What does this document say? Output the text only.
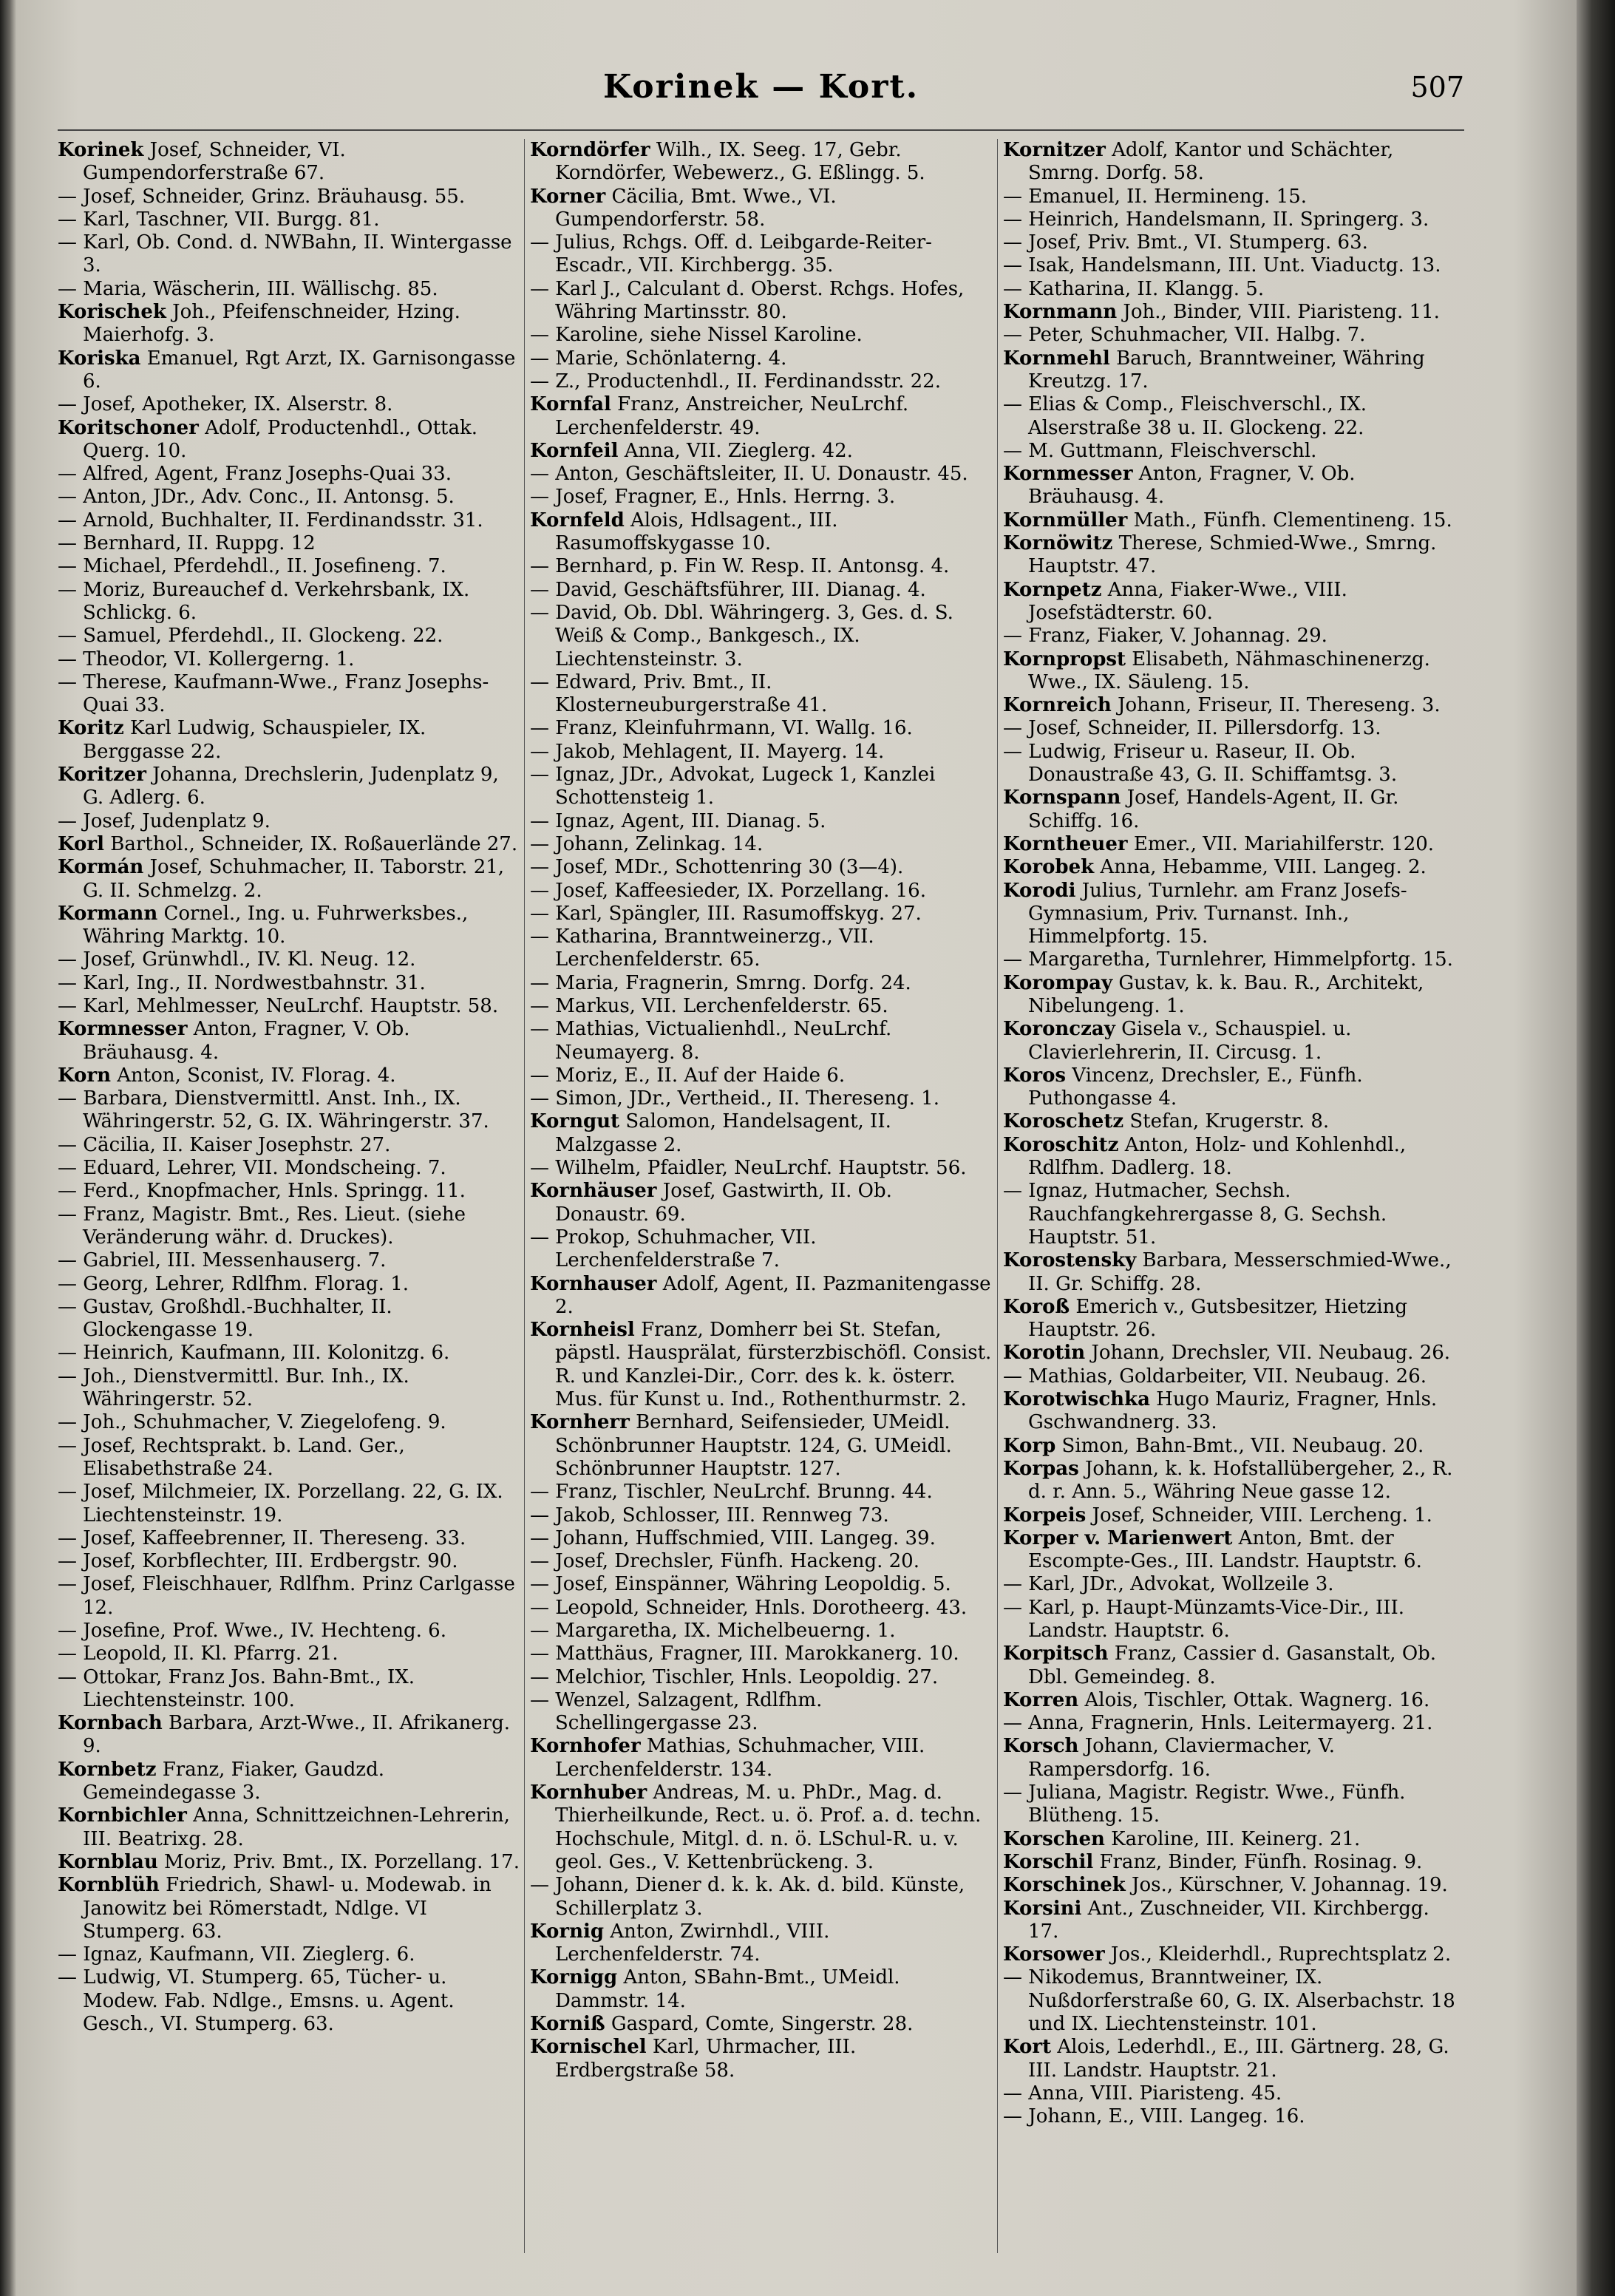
Korinek — Kort.	507
Korinek Josef, Schneider, VI. Gumpendorferstraße 67.
— Josef, Schneider, Grinz. Bräuhausg. 55.
— Karl, Taschner, VII. Burgg. 81.
— Karl, Ob. Cond. d. NWBahn, II. Wintergasse 3.
— Maria, Wäscherin, III. Wällischg. 85.
Korischek Joh., Pfeifenschneider, Hzing. Maierhofg. 3.
Koriska Emanuel, Rgt Arzt, IX. Garnisongasse 6.
— Josef, Apotheker, IX. Alserstr. 8.
Koritschoner Adolf, Productenhdl., Ottak. Querg. 10.
— Alfred, Agent, Franz Josephs-Quai 33.
— Anton, JDr., Adv. Conc., II. Antonsg. 5.
— Arnold, Buchhalter, II. Ferdinandsstr. 31.
— Bernhard, II. Ruppg. 12
— Michael, Pferdehdl., II. Josefineng. 7.
— Moriz, Bureauchef d. Verkehrsbank, IX. Schlickg. 6.
— Samuel, Pferdehdl., II. Glockeng. 22.
— Theodor, VI. Kollergerng. 1.
— Therese, Kaufmann-Wwe., Franz Josephs-Quai 33.
Koritz Karl Ludwig, Schauspieler, IX. Berggasse 22.
Koritzer Johanna, Drechslerin, Judenplatz 9, G. Adlerg. 6.
— Josef, Judenplatz 9.
Korl Barthol., Schneider, IX. Roßauerlände 27.
Kormán Josef, Schuhmacher, II. Taborstr. 21, G. II. Schmelzg. 2.
Kormann Cornel., Ing. u. Fuhrwerksbes., Währing Marktg. 10.
— Josef, Grünwhdl., IV. Kl. Neug. 12.
— Karl, Ing., II. Nordwestbahnstr. 31.
— Karl, Mehlmesser, NeuLrchf. Hauptstr. 58.
Kormnesser Anton, Fragner, V. Ob. Bräuhausg. 4.
Korn Anton, Sconist, IV. Florag. 4.
— Barbara, Dienstvermittl. Anst. Inh., IX. Währingerstr. 52, G. IX. Währingerstr. 37.
— Cäcilia, II. Kaiser Josephstr. 27.
— Eduard, Lehrer, VII. Mondscheing. 7.
— Ferd., Knopfmacher, Hnls. Springg. 11.
— Franz, Magistr. Bmt., Res. Lieut. (siehe Veränderung währ. d. Druckes).
— Gabriel, III. Messenhauserg. 7.
— Georg, Lehrer, Rdlfhm. Florag. 1.
— Gustav, Großhdl.-Buchhalter, II. Glockengasse 19.
— Heinrich, Kaufmann, III. Kolonitzg. 6.
— Joh., Dienstvermittl. Bur. Inh., IX. Währingerstr. 52.
— Joh., Schuhmacher, V. Ziegelofeng. 9.
— Josef, Rechtsprakt. b. Land. Ger., Elisabethstraße 24.
— Josef, Milchmeier, IX. Porzellang. 22, G. IX. Liechtensteinstr. 19.
— Josef, Kaffeebrenner, II. Thereseng. 33.
— Josef, Korbflechter, III. Erdbergstr. 90.
— Josef, Fleischhauer, Rdlfhm. Prinz Carlgasse 12.
— Josefine, Prof. Wwe., IV. Hechteng. 6.
— Leopold, II. Kl. Pfarrg. 21.
— Ottokar, Franz Jos. Bahn-Bmt., IX. Liechtensteinstr. 100.
Kornbach Barbara, Arzt-Wwe., II. Afrikanerg. 9.
Kornbetz Franz, Fiaker, Gaudzd. Gemeindegasse 3.
Kornbichler Anna, Schnittzeichnen-Lehrerin, III. Beatrixg. 28.
Kornblau Moriz, Priv. Bmt., IX. Porzellang. 17.
Kornblüh Friedrich, Shawl- u. Modewab. in Janowitz bei Römerstadt, Ndlge. VI Stumperg. 63.
— Ignaz, Kaufmann, VII. Zieglerg. 6.
— Ludwig, VI. Stumperg. 65, Tücher- u. Modew. Fab. Ndlge., Emsns. u. Agent. Gesch., VI. Stumperg. 63.
Korndörfer Wilh., IX. Seeg. 17, Gebr. Korndörfer, Webewerz., G. Eßlingg. 5.
Korner Cäcilia, Bmt. Wwe., VI. Gumpendorferstr. 58.
— Julius, Rchgs. Off. d. Leibgarde-Reiter-Escadr., VII. Kirchbergg. 35.
— Karl J., Calculant d. Oberst. Rchgs. Hofes, Währing Martinsstr. 80.
— Karoline, siehe Nissel Karoline.
— Marie, Schönlaterng. 4.
— Z., Productenhdl., II. Ferdinandsstr. 22.
Kornfal Franz, Anstreicher, NeuLrchf. Lerchenfelderstr. 49.
Kornfeil Anna, VII. Zieglerg. 42.
— Anton, Geschäftsleiter, II. U. Donaustr. 45.
— Josef, Fragner, E., Hnls. Herrng. 3.
Kornfeld Alois, Hdlsagent., III. Rasumoffskygasse 10.
— Bernhard, p. Fin W. Resp. II. Antonsg. 4.
— David, Geschäftsführer, III. Dianag. 4.
— David, Ob. Dbl. Währingerg. 3, Ges. d. S. Weiß & Comp., Bankgesch., IX. Liechtensteinstr. 3.
— Edward, Priv. Bmt., II. Klosterneuburgerstraße 41.
— Franz, Kleinfuhrmann, VI. Wallg. 16.
— Jakob, Mehlagent, II. Mayerg. 14.
— Ignaz, JDr., Advokat, Lugeck 1, Kanzlei Schottensteig 1.
— Ignaz, Agent, III. Dianag. 5.
— Johann, Zelinkag. 14.
— Josef, MDr., Schottenring 30 (3—4).
— Josef, Kaffeesieder, IX. Porzellang. 16.
— Karl, Spängler, III. Rasumoffskyg. 27.
— Katharina, Branntweinerzg., VII. Lerchenfelderstr. 65.
— Maria, Fragnerin, Smrng. Dorfg. 24.
— Markus, VII. Lerchenfelderstr. 65.
— Mathias, Victualienhdl., NeuLrchf. Neumayerg. 8.
— Moriz, E., II. Auf der Haide 6.
— Simon, JDr., Vertheid., II. Thereseng. 1.
Korngut Salomon, Handelsagent, II. Malzgasse 2.
— Wilhelm, Pfaidler, NeuLrchf. Hauptstr. 56.
Kornhäuser Josef, Gastwirth, II. Ob. Donaustr. 69.
— Prokop, Schuhmacher, VII. Lerchenfelderstraße 7.
Kornhauser Adolf, Agent, II. Pazmanitengasse 2.
Kornheisl Franz, Domherr bei St. Stefan, päpstl. Hausprälat, fürsterzbischöfl. Consist. R. und Kanzlei-Dir., Corr. des k. k. österr. Mus. für Kunst u. Ind., Rothenthurmstr. 2.
Kornherr Bernhard, Seifensieder, UMeidl. Schönbrunner Hauptstr. 124, G. UMeidl. Schönbrunner Hauptstr. 127.
— Franz, Tischler, NeuLrchf. Brunng. 44.
— Jakob, Schlosser, III. Rennweg 73.
— Johann, Huffschmied, VIII. Langeg. 39.
— Josef, Drechsler, Fünfh. Hackeng. 20.
— Josef, Einspänner, Währing Leopoldig. 5.
— Leopold, Schneider, Hnls. Dorotheerg. 43.
— Margaretha, IX. Michelbeuerng. 1.
— Matthäus, Fragner, III. Marokkanerg. 10.
— Melchior, Tischler, Hnls. Leopoldig. 27.
— Wenzel, Salzagent, Rdlfhm. Schellingergasse 23.
Kornhofer Mathias, Schuhmacher, VIII. Lerchenfelderstr. 134.
Kornhuber Andreas, M. u. PhDr., Mag. d. Thierheilkunde, Rect. u. ö. Prof. a. d. techn. Hochschule, Mitgl. d. n. ö. LSchul-R. u. v. geol. Ges., V. Kettenbrückeng. 3.
— Johann, Diener d. k. k. Ak. d. bild. Künste, Schillerplatz 3.
Kornig Anton, Zwirnhdl., VIII. Lerchenfelderstr. 74.
Kornigg Anton, SBahn-Bmt., UMeidl. Dammstr. 14.
Korniß Gaspard, Comte, Singerstr. 28.
Kornischel Karl, Uhrmacher, III. Erdbergstraße 58.
Kornitzer Adolf, Kantor und Schächter, Smrng. Dorfg. 58.
— Emanuel, II. Hermineng. 15.
— Heinrich, Handelsmann, II. Springerg. 3.
— Josef, Priv. Bmt., VI. Stumperg. 63.
— Isak, Handelsmann, III. Unt. Viaductg. 13.
— Katharina, II. Klangg. 5.
Kornmann Joh., Binder, VIII. Piaristeng. 11.
— Peter, Schuhmacher, VII. Halbg. 7.
Kornmehl Baruch, Branntweiner, Währing Kreutzg. 17.
— Elias & Comp., Fleischverschl., IX. Alserstraße 38 u. II. Glockeng. 22.
— M. Guttmann, Fleischverschl.
Kornmesser Anton, Fragner, V. Ob. Bräuhausg. 4.
Kornmüller Math., Fünfh. Clementineng. 15.
Kornöwitz Therese, Schmied-Wwe., Smrng. Hauptstr. 47.
Kornpetz Anna, Fiaker-Wwe., VIII. Josefstädterstr. 60.
— Franz, Fiaker, V. Johannag. 29.
Kornpropst Elisabeth, Nähmaschinenerzg. Wwe., IX. Säuleng. 15.
Kornreich Johann, Friseur, II. Thereseng. 3.
— Josef, Schneider, II. Pillersdorfg. 13.
— Ludwig, Friseur u. Raseur, II. Ob. Donaustraße 43, G. II. Schiffamtsg. 3.
Kornspann Josef, Handels-Agent, II. Gr. Schiffg. 16.
Korntheuer Emer., VII. Mariahilferstr. 120.
Korobek Anna, Hebamme, VIII. Langeg. 2.
Korodi Julius, Turnlehr. am Franz Josefs-Gymnasium, Priv. Turnanst. Inh., Himmelpfortg. 15.
— Margaretha, Turnlehrer, Himmelpfortg. 15.
Korompay Gustav, k. k. Bau. R., Architekt, Nibelungeng. 1.
Koronczay Gisela v., Schauspiel. u. Clavierlehrerin, II. Circusg. 1.
Koros Vincenz, Drechsler, E., Fünfh. Puthongasse 4.
Koroschetz Stefan, Krugerstr. 8.
Koroschitz Anton, Holz- und Kohlenhdl., Rdlfhm. Dadlerg. 18.
— Ignaz, Hutmacher, Sechsh. Rauchfangkehrergasse 8, G. Sechsh. Hauptstr. 51.
Korostensky Barbara, Messerschmied-Wwe., II. Gr. Schiffg. 28.
Koroß Emerich v., Gutsbesitzer, Hietzing Hauptstr. 26.
Korotin Johann, Drechsler, VII. Neubaug. 26.
— Mathias, Goldarbeiter, VII. Neubaug. 26.
Korotwischka Hugo Mauriz, Fragner, Hnls. Gschwandnerg. 33.
Korp Simon, Bahn-Bmt., VII. Neubaug. 20.
Korpas Johann, k. k. Hofstallübergeher, 2., R. d. r. Ann. 5., Währing Neue gasse 12.
Korpeis Josef, Schneider, VIII. Lercheng. 1.
Korper v. Marienwert Anton, Bmt. der Escompte-Ges., III. Landstr. Hauptstr. 6.
— Karl, JDr., Advokat, Wollzeile 3.
— Karl, p. Haupt-Münzamts-Vice-Dir., III. Landstr. Hauptstr. 6.
Korpitsch Franz, Cassier d. Gasanstalt, Ob. Dbl. Gemeindeg. 8.
Korren Alois, Tischler, Ottak. Wagnerg. 16.
— Anna, Fragnerin, Hnls. Leitermayerg. 21.
Korsch Johann, Claviermacher, V. Rampersdorfg. 16.
— Juliana, Magistr. Registr. Wwe., Fünfh. Blütheng. 15.
Korschen Karoline, III. Keinerg. 21.
Korschil Franz, Binder, Fünfh. Rosinag. 9.
Korschinek Jos., Kürschner, V. Johannag. 19.
Korsini Ant., Zuschneider, VII. Kirchbergg. 17.
Korsower Jos., Kleiderhdl., Ruprechtsplatz 2.
— Nikodemus, Branntweiner, IX. Nußdorferstraße 60, G. IX. Alserbachstr. 18 und IX. Liechtensteinstr. 101.
Kort Alois, Lederhdl., E., III. Gärtnerg. 28, G. III. Landstr. Hauptstr. 21.
— Anna, VIII. Piaristeng. 45.
— Johann, E., VIII. Langeg. 16.
